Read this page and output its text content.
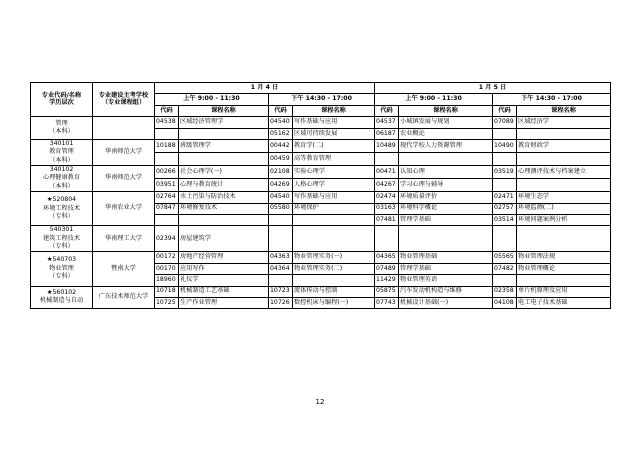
专业代码/名称
学历层次	专业建设主考学校
（专业课程组）	1 月 4 日				1 月 5 日			
		上午 9:00 - 11:30		下午 14:30 - 17:00		上午 9:00 - 11:30		下午 14:30 - 17:00	
		代码	课程名称	代码	课程名称	代码	课程名称	代码	课程名称

管理
（本科）		04538	区域经济管理学	04540	写作基础与应用	04537	小城镇发展与规划	07089	区域经济学
				05162	区域可持续发展	06187	农业概论		

340101
教育管理
（本科）	华南师范大学	10188	班级管理学	00442	教育学(二)	10489	现代学校人力资源管理	10490	教育财政学
				00459	高等教育管理				

340102
心理健康教育
（本科）	华南师范大学	00266	社会心理学(一)	02108	实验心理学	00471	认知心理	03519	心理测评技术与档案建立
		03951	心理与教育统计	04269	人格心理学	04267	学习心理与辅导		

★520804
环境工程技术
（专科）	华南农业大学	02764	水土污染与防治技术	04540	写作基础与应用	02474	环境质量评价	02471	环境生态学
		07847	环境修复技术	05580	环境保护	03163	环境科学概论	02757	环境监测(二)
						07481	管理学基础	03514	环境问题案例分析

540301
建筑工程技术
（专科）	华南理工大学	02394	房屋建筑学						

★540703
物业管理
（专科）	暨南大学	00172	房地产经营管理	04363	物业管理实务(一)	04365	物业管理基础	05565	物业管理法规
		00170	应用写作	04364	物业管理实务(二)	07489	管理学基础	07482	物业管理概论
		18960	礼仪学			11429	物业管理英语		

★560102
机械制造与自动	广东技术师范大学	10718	机械制造工艺基础	10723	流体传动与控制	05875	汽车发动机构造与维修	02358	单片机原理及应用
		10725	生产作业管理	10726	数控机床与编程(一)	07743	机械设计基础(一)	04108	电工电子技术基础
12
